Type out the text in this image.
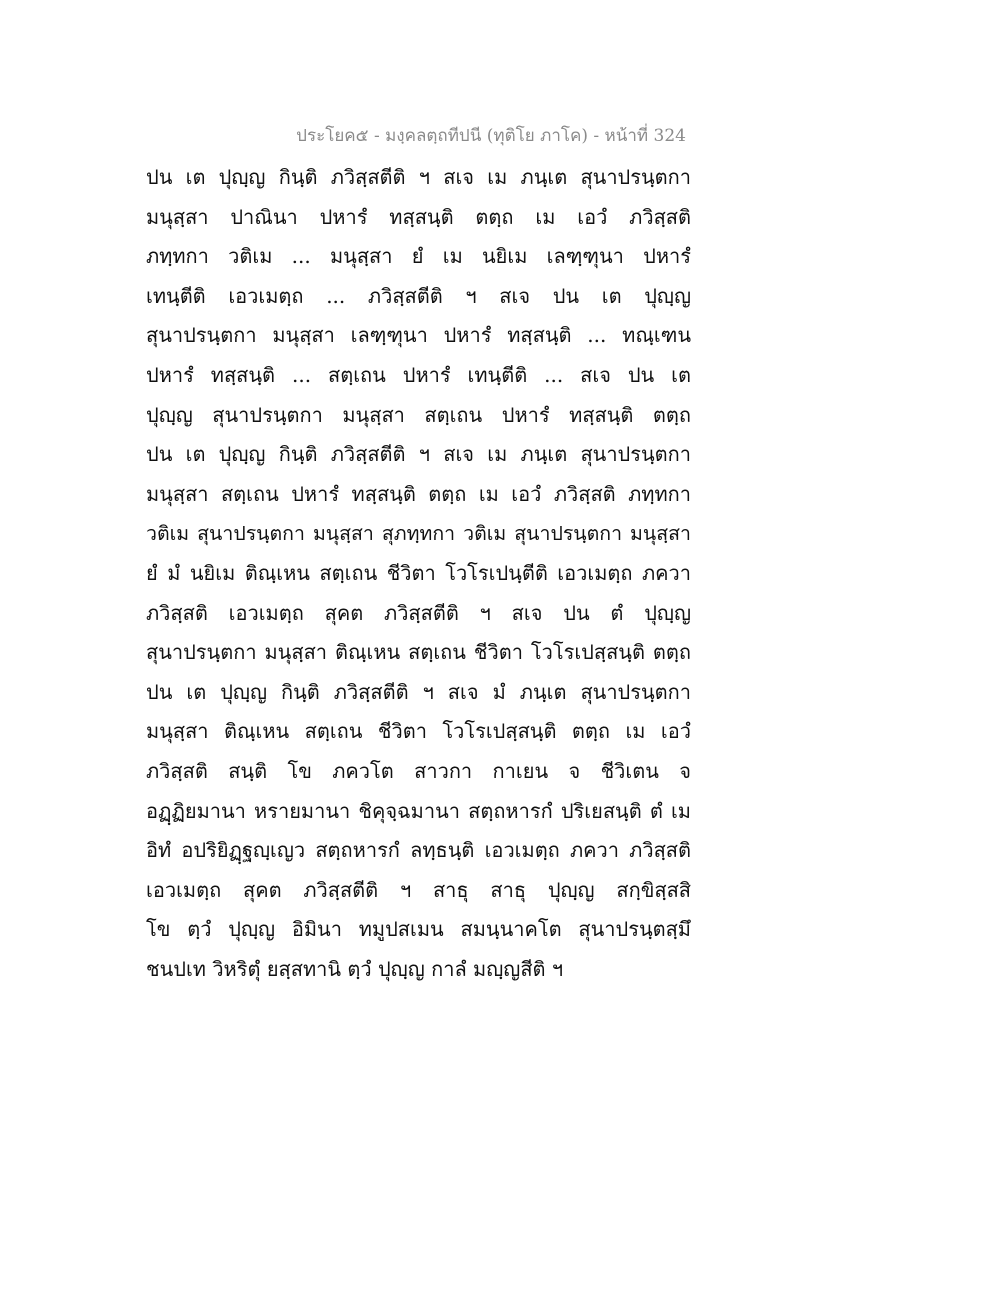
ประโยค๕ - มงฺคลตฺถทีปนี (ทุติโย ภาโค) - หน้าที่ 324
ปน เต ปุญฺญ กินฺติ ภวิสฺสตีติ ฯ สเจ เม ภนฺเต สุนาปรนฺตกา
มนุสฺสา ปาณินา ปหารํ ทสฺสนฺติ ตตฺถ เม เอวํ ภวิสฺสติ
ภทฺทกา วติเม ... มนุสฺสา ยํ เม นยิเม เลฑฺฑุนา ปหารํ
เทนฺตีติ เอวเมตฺถ ... ภวิสฺสตีติ ฯ สเจ ปน เต ปุญฺญ
สุนาปรนฺตกา มนุสฺสา เลฑฺฑุนา ปหารํ ทสฺสนฺติ ... ทณฺเฑน
ปหารํ ทสฺสนฺติ ... สตฺเถน ปหารํ เทนฺตีติ ... สเจ ปน เต
ปุญฺญ สุนาปรนฺตกา มนุสฺสา สตฺเถน ปหารํ ทสฺสนฺติ ตตฺถ
ปน เต ปุญฺญ กินฺติ ภวิสฺสตีติ ฯ สเจ เม ภนฺเต สุนาปรนฺตกา
มนุสฺสา สตฺเถน ปหารํ ทสฺสนฺติ ตตฺถ เม เอวํ ภวิสฺสติ ภทฺทกา
วติเม สุนาปรนฺตกา มนุสฺสา สุภทฺทกา วติเม สุนาปรนฺตกา มนุสฺสา
ยํ มํ นยิเม ติณฺเหน สตฺเถน ชีวิตา โวโรเปนฺตีติ เอวเมตฺถ ภควา
ภวิสฺสติ เอวเมตฺถ สุคต ภวิสฺสตีติ ฯ สเจ ปน ตํ ปุญฺญ
สุนาปรนฺตกา มนุสฺสา ติณฺเหน สตฺเถน ชีวิตา โวโรเปสฺสนฺติ ตตฺถ
ปน เต ปุญฺญ กินฺติ ภวิสฺสตีติ ฯ สเจ มํ ภนฺเต สุนาปรนฺตกา
มนุสฺสา ติณฺเหน สตฺเถน ชีวิตา โวโรเปสฺสนฺติ ตตฺถ เม เอวํ
ภวิสฺสติ สนฺติ โข ภควโต สาวกา กาเยน จ ชีวิเตน จ
อฏฺฏิยมานา หรายมานา ชิคุจฺฉมานา สตฺถหารกํ ปริเยสนฺติ ตํ เม
อิทํ อปริยิฏฺฐญฺเญว สตฺถหารกํ ลทฺธนฺติ เอวเมตฺถ ภควา ภวิสฺสติ
เอวเมตฺถ สุคต ภวิสฺสตีติ ฯ สาธุ สาธุ ปุญฺญ สกฺขิสฺสสิ
โข ตฺวํ ปุญฺญ อิมินา ทมูปสเมน สมนฺนาคโต สุนาปรนฺตสฺมึ
ชนปเท วิหริตุํ ยสฺสทานิ ตฺวํ ปุญฺญ กาลํ มญฺญสีติ ฯ
